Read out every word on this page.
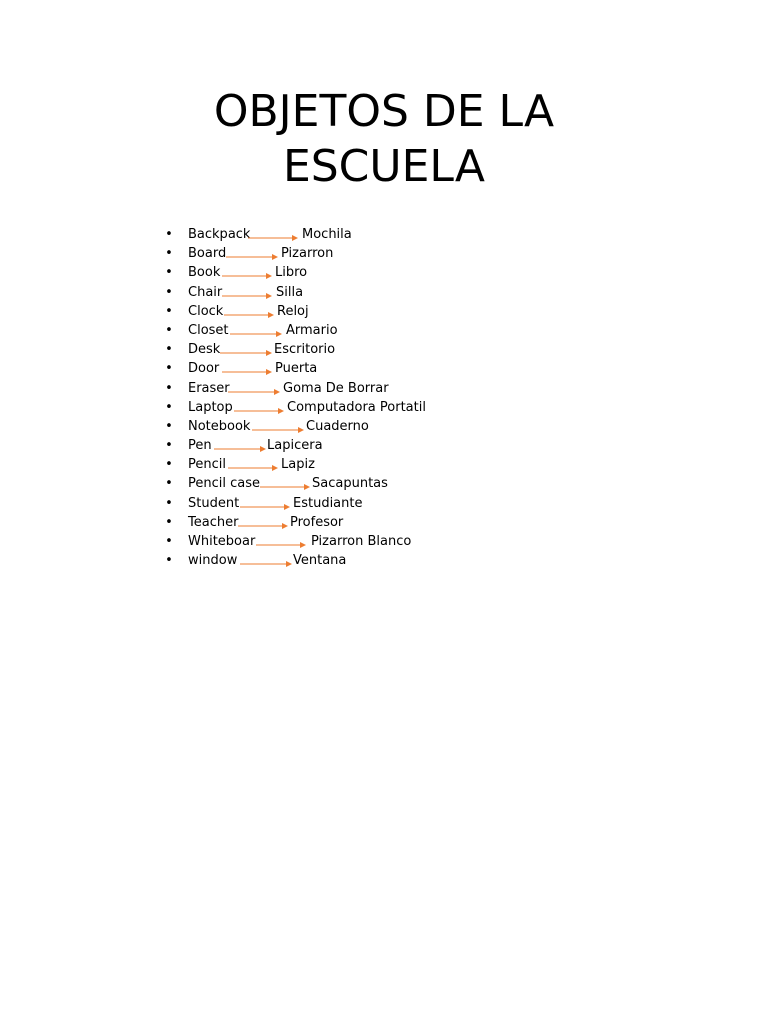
OBJETOS DE LA
ESCUELA
• Backpack	Mochila
• Board	Pizarron
• Book	Libro
• Chair	Silla
• Clock	Reloj
• Closet	Armario
• Desk	Escritorio
• Door	Puerta
• Eraser	Goma De Borrar
• Laptop	Computadora Portatil
• Notebook	Cuaderno
• Pen	Lapicera
• Pencil	Lapiz
• Pencil case	Sacapuntas
• Student	Estudiante
• Teacher	Profesor
• Whiteboar	Pizarron Blanco
• window	Ventana
